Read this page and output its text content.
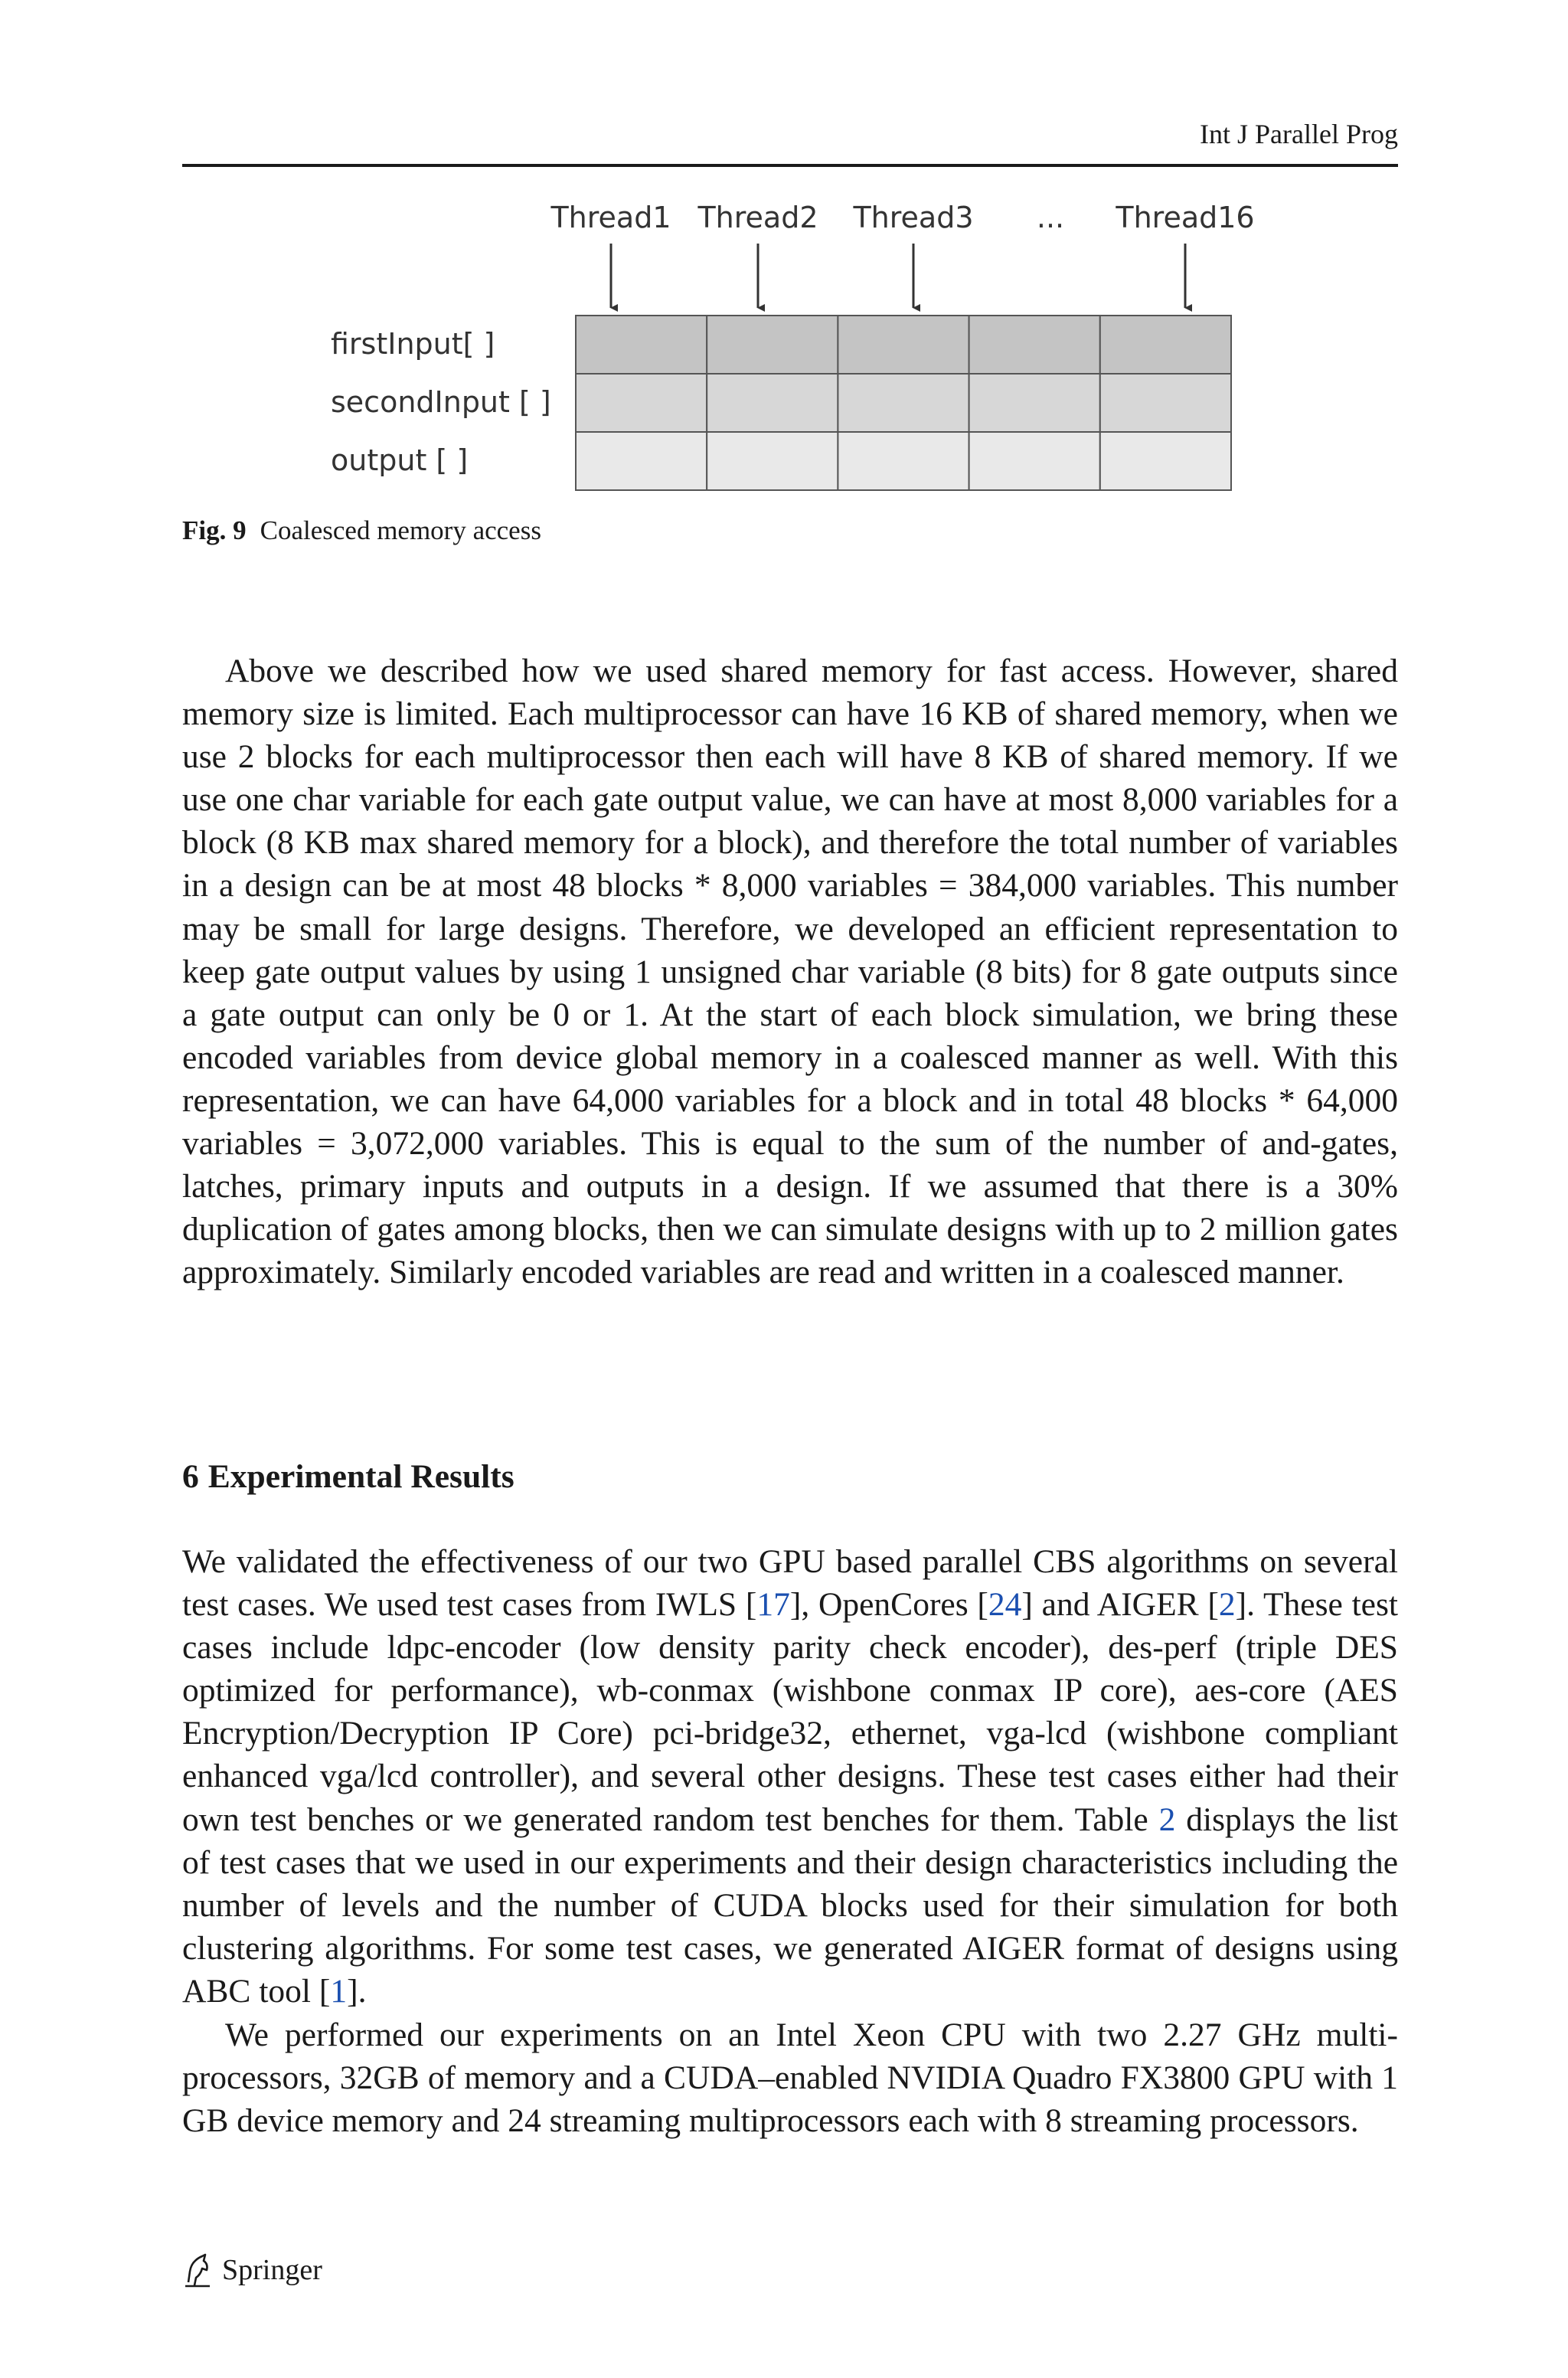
Int J Parallel Prog
Thread1 Thread2 Thread3 ... Thread16
firstInput[ ]
secondInput [ ]
output [ ]
Fig. 9 Coalesced memory access

Above we described how we used shared memory for fast access. However, shared memory size is limited. Each multiprocessor can have 16 KB of shared memory, when we use 2 blocks for each multiprocessor then each will have 8 KB of shared memory. If we use one char variable for each gate output value, we can have at most 8,000 variables for a block (8 KB max shared memory for a block), and therefore the total number of variables in a design can be at most 48 blocks * 8,000 variables = 384,000 variables. This number may be small for large designs. Therefore, we developed an efficient representation to keep gate output values by using 1 unsigned char variable (8 bits) for 8 gate outputs since a gate output can only be 0 or 1. At the start of each block simulation, we bring these encoded variables from device global memory in a coalesced manner as well. With this representation, we can have 64,000 variables for a block and in total 48 blocks * 64,000 variables = 3,072,000 variables. This is equal to the sum of the number of and-gates, latches, primary inputs and outputs in a design. If we assumed that there is a 30% duplication of gates among blocks, then we can simulate designs with up to 2 million gates approximately. Similarly encoded variables are read and written in a coalesced manner.

6 Experimental Results

We validated the effectiveness of our two GPU based parallel CBS algorithms on several test cases. We used test cases from IWLS [17], OpenCores [24] and AIGER [2]. These test cases include ldpc-encoder (low density parity check encoder), des-perf (triple DES optimized for performance), wb-conmax (wishbone conmax IP core), aes-core (AES Encryption/Decryption IP Core) pci-bridge32, ethernet, vga-lcd (wishbone compliant enhanced vga/lcd controller), and several other designs. These test cases either had their own test benches or we generated random test benches for them. Table 2 displays the list of test cases that we used in our experiments and their design characteristics including the number of levels and the number of CUDA blocks used for their simulation for both clustering algorithms. For some test cases, we generated AIGER format of designs using ABC tool [1].

We performed our experiments on an Intel Xeon CPU with two 2.27 GHz multi-processors, 32GB of memory and a CUDA–enabled NVIDIA Quadro FX3800 GPU with 1 GB device memory and 24 streaming multiprocessors each with 8 streaming processors.

Springer
